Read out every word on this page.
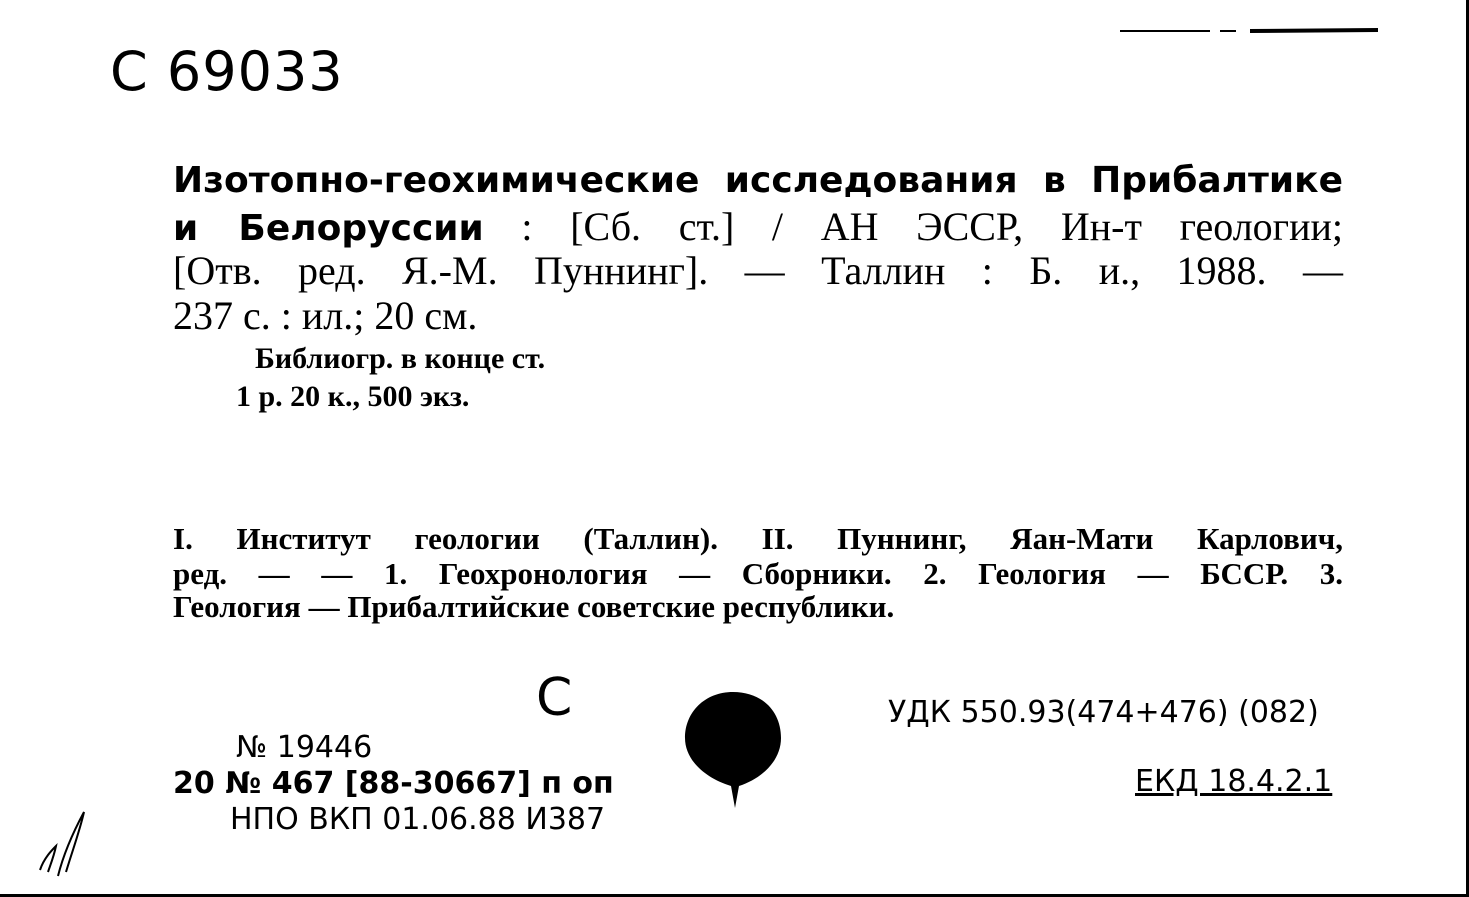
С 69033
Изотопно-геохимические исследования в Прибалтике
и Белоруссии : [Сб. ст.] / АН ЭССР, Ин-т геологии;
[Отв. ред. Я.-М. Пуннинг]. — Таллин : Б. и., 1988. —
237 с. : ил.; 20 см.
Библиогр. в конце ст.
1 р. 20 к., 500 экз.
I. Институт геологии (Таллин). II. Пуннинг, Яан-Мати Карлович,
ред. — — 1. Геохронология — Сборники. 2. Геология — БССР. 3.
Геология — Прибалтийские советские республики.
С
№ 19446
20 № 467 [88-30667] п оп
НПО ВКП 01.06.88 И387
УДК 550.93(474+476) (082)
ЕКД 18.4.2.1
